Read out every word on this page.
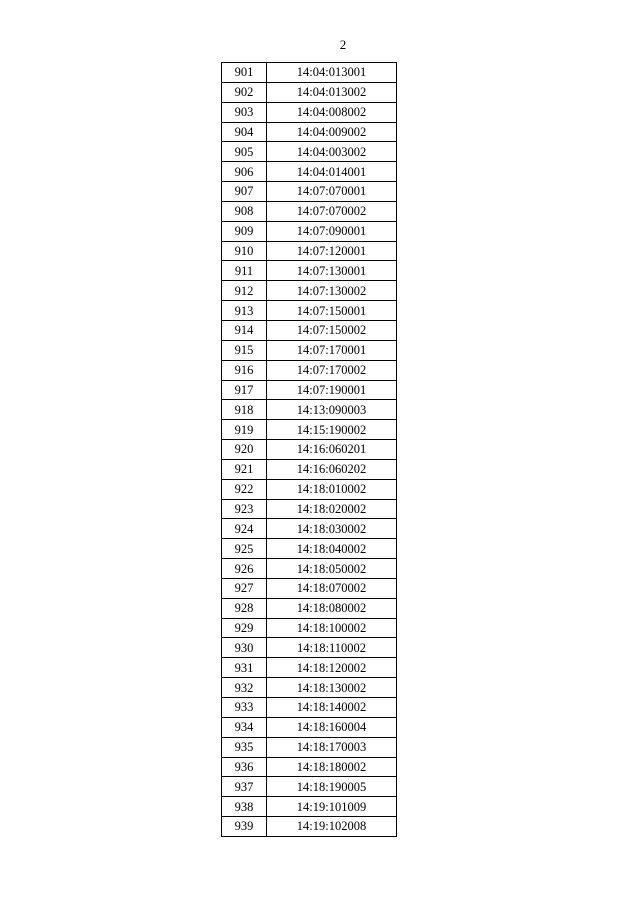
2
901	14:04:013001
902	14:04:013002
903	14:04:008002
904	14:04:009002
905	14:04:003002
906	14:04:014001
907	14:07:070001
908	14:07:070002
909	14:07:090001
910	14:07:120001
911	14:07:130001
912	14:07:130002
913	14:07:150001
914	14:07:150002
915	14:07:170001
916	14:07:170002
917	14:07:190001
918	14:13:090003
919	14:15:190002
920	14:16:060201
921	14:16:060202
922	14:18:010002
923	14:18:020002
924	14:18:030002
925	14:18:040002
926	14:18:050002
927	14:18:070002
928	14:18:080002
929	14:18:100002
930	14:18:110002
931	14:18:120002
932	14:18:130002
933	14:18:140002
934	14:18:160004
935	14:18:170003
936	14:18:180002
937	14:18:190005
938	14:19:101009
939	14:19:102008
